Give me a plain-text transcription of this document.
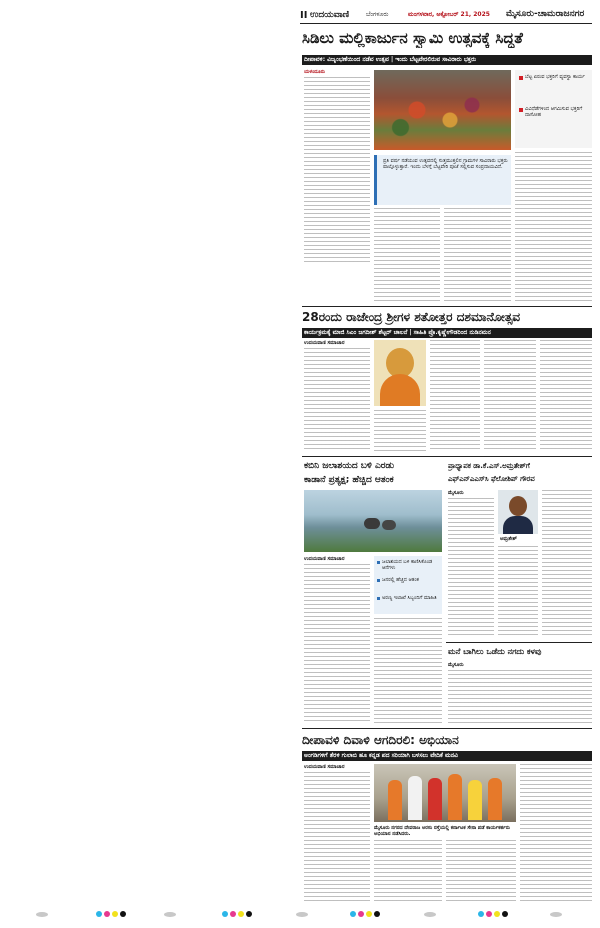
II ಉದಯವಾಣಿ	ಬೆಂಗಳೂರು	ಮಂಗಳವಾರ, ಅಕ್ಟೋಬರ್ 21, 2025 ಮೈಸೂರು-ಚಾಮರಾಜನಗರ
ಸಿಡಿಲು ಮಲ್ಲಿಕಾರ್ಜುನ ಸ್ವಾಮಿ ಉತ್ಸವಕ್ಕೆ ಸಿದ್ಧತೆ
ದೀಪಾವಳಿ: ವಿಜೃಂಭಣೆಯಿಂದ ನಡೆವ ಉತ್ಸವ | ಇಂದು ಬೆಟ್ಟವೇರಲಿರುವ ಸಾವಿರಾರು ಭಕ್ತರು
ಯಳಂದೂರು
ಬೆಟ್ಟ ಏರುವ ಭಕ್ತರಿಗೆ ವ್ಯವಸ್ಥಾ ಕಾರ್ಯ
ವಿವಿಧೆಡೆಗಳಿಂದ ಆಗಮಿಸುವ ಭಕ್ತರಿಗೆ ದಾಸೋಹ
ಪ್ರತಿ ವರ್ಷ ನಡೆಯುವ ಉತ್ಸವದಲ್ಲಿ ಸುತ್ತಮುತ್ತಲಿನ ಗ್ರಾಮಗಳ ಸಾವಿರಾರು ಭಕ್ತರು ಪಾಲ್ಗೊಳ್ಳುತ್ತಾರೆ. ಇಂದು ಬೆಳಗ್ಗೆ ಬೆಟ್ಟವೇರಿ ಪೂಜೆ ಸಲ್ಲಿಸುವ ಸಂಪ್ರದಾಯವಿದೆ.
28ರಂದು ರಾಜೇಂದ್ರ ಶ್ರೀಗಳ ಶತೋತ್ತರ ದಶಮಾನೋತ್ಸವ
ಕಾರ್ಯಕ್ರಮಕ್ಕೆ ಮಾಜಿ ಸಿಎಂ ಜಗದೀಶ್ ಶೆಟ್ಟರ್ ಚಾಲನೆ | ಸಾಹಿತಿ ಪ್ರೊ.ಕೃಷ್ಣೇಗೌಡರಿಂದ ನುಡಿನಮನ
ಉದಯವಾಣಿ ಸಮಾಚಾರ
ಕಬಿನಿ ಜಲಾಶಯದ ಬಳಿ ಎರಡು
ಕಾಡಾನೆ ಪ್ರತ್ಯಕ್ಷ; ಹೆಚ್ಚಿದ ಆತಂಕ
ಉದಯವಾಣಿ ಸಮಾಚಾರ	ಜಲಾಶಯದ ಬಳಿ ಕಾಣಿಸಿಕೊಂಡ ಆನೆಗಳು
ಜನರಲ್ಲಿ ಹೆಚ್ಚಿದ ಆತಂಕ
ಅರಣ್ಯ ಇಲಾಖೆ ಸಿಬ್ಬಂದಿಗೆ ಮಾಹಿತಿ
ಪ್ರಾಧ್ಯಾಪಕ ಡಾ.ಕೆ.ಎಸ್.ಅಮ್ರತೇಶ್‌ಗೆ
ಎಫ್‌ಎನ್‌ಎಎಸ್‌ಸಿ ಫೆಲೋಶಿಪ್ ಗೌರವ
ಮೈಸೂರು
ಅಮ್ರತೇಶ್
ಮನೆ ಬಾಗಿಲು ಒಡೆದು ನಗದು ಕಳವು
ಮೈಸೂರು
ದೀಪಾವಳಿ ದಿವಾಳಿ ಆಗದಿರಲಿ: ಅಭಿಯಾನ
ಅಂಗಡಿಗಳಿಗೆ ತೆರಳಿ ಗುಲಾಬಿ ಹೂ ಕನ್ನಡ ಪದ ಸರಿಯಾಗಿ ಬಳಸಲು ವೇದಿಕೆ ಮನವಿ
ಉದಯವಾಣಿ ಸಮಾಚಾರ
ಮೈಸೂರು ನಗರದ ದೇವರಾಜ ಅರಸು ರಸ್ತೆಯಲ್ಲಿ ಕರ್ನಾಟಕ ಸೇನಾ ಪಡೆ ಕಾರ್ಯಕರ್ತರು ಅಭಿಯಾನ ನಡೆಸಿದರು.
